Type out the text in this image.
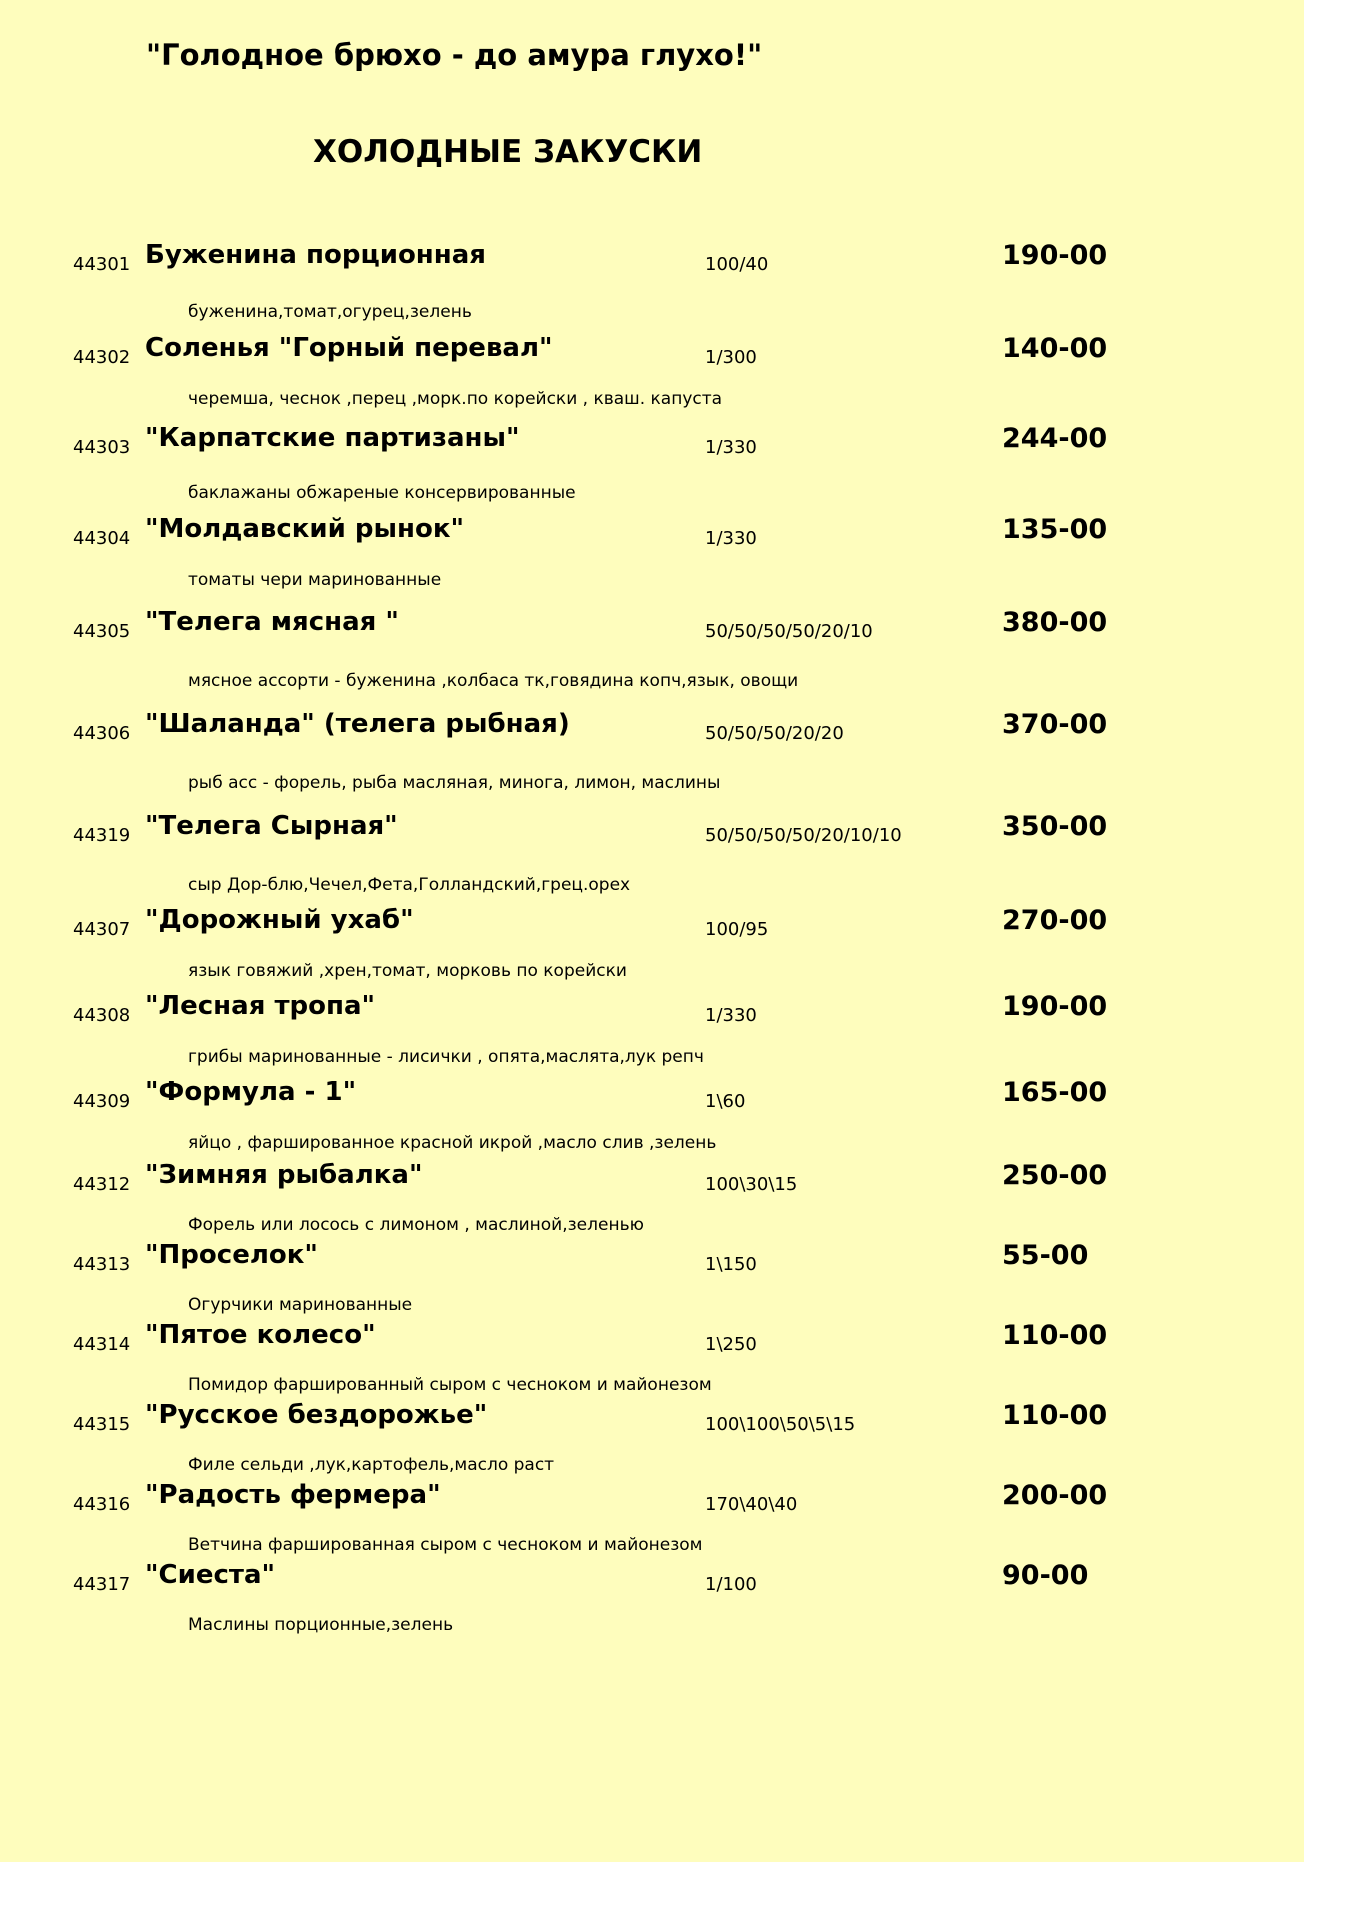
"Голодное брюхо - до амура глухо!"
ХОЛОДНЫЕ ЗАКУСКИ
44301 Буженина порционная	100/40	190-00
буженина,томат,огурец,зелень
44302 Соленья "Горный перевал"	1/300	140-00
черемша, чеснок ,перец ,морк.по корейски , кваш. капуста
44303 "Карпатские партизаны"	1/330	244-00
баклажаны обжареные консервированные
44304 "Молдавский рынок"	1/330	135-00
томаты чери маринованные
44305 "Телега мясная "	50/50/50/50/20/10	380-00
мясное ассорти - буженина ,колбаса тк,говядина копч,язык, овощи
44306 "Шаланда" (телега рыбная)	50/50/50/20/20	370-00
рыб асс - форель, рыба масляная, минога, лимон, маслины
44319 "Телега Сырная"	50/50/50/50/20/10/10	350-00
сыр Дор-блю,Чечел,Фета,Голландский,грец.орех
44307 "Дорожный ухаб"	100/95	270-00
язык говяжий ,хрен,томат, морковь по корейски
44308 "Лесная тропа"	1/330	190-00
грибы маринованные - лисички , опята,маслята,лук репч
44309 "Формула - 1"	1\60	165-00
яйцо , фаршированное красной икрой ,масло слив ,зелень
44312 "Зимняя рыбалка"	100\30\15	250-00
Форель или лосось с лимоном , маслиной,зеленью
44313 "Проселок"	1\150	55-00
Огурчики маринованные
44314 "Пятое колесо"	1\250	110-00
Помидор фаршированный сыром с чесноком и майонезом
44315 "Русское бездорожье"	100\100\50\5\15	110-00
Филе сельди ,лук,картофель,масло раст
44316 "Радость фермера"	170\40\40	200-00
Ветчина фаршированная сыром с чесноком и майонезом
44317 "Сиеста"	1/100	90-00
Маслины порционные,зелень
